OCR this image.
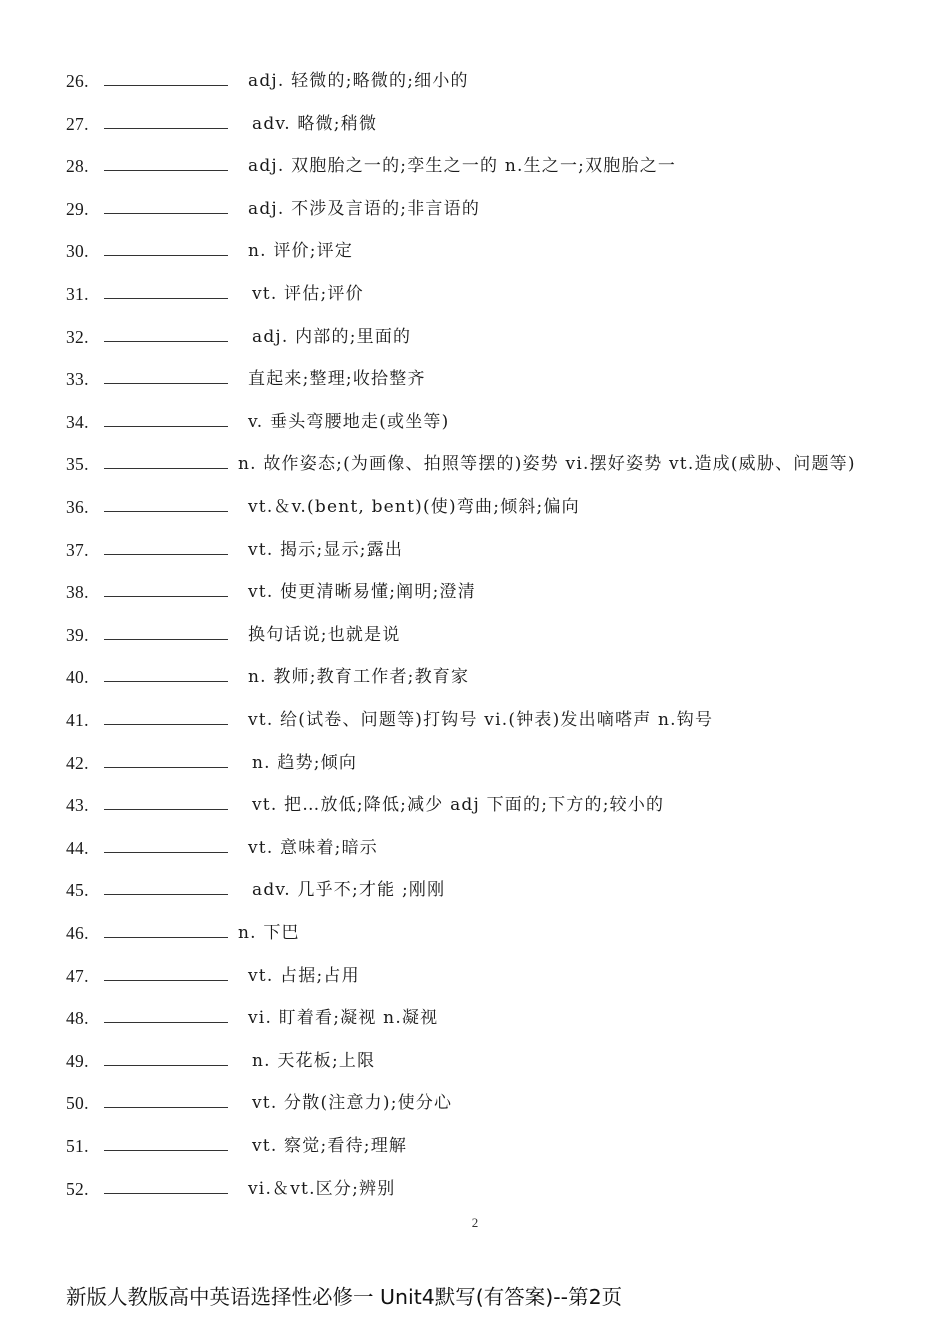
26.	adj. 轻微的;略微的;细小的
27.	adv. 略微;稍微
28.	adj. 双胞胎之一的;孪生之一的 n.生之一;双胞胎之一
29.	adj. 不涉及言语的;非言语的
30.	n. 评价;评定
31.	vt. 评估;评价
32.	adj. 内部的;里面的
33.	直起来;整理;收拾整齐
34.	v. 垂头弯腰地走(或坐等)
35.	n. 故作姿态;(为画像、拍照等摆的)姿势 vi.摆好姿势 vt.造成(威胁、问题等)
36.	vt.＆v.(bent, bent)(使)弯曲;倾斜;偏向
37.	vt. 揭示;显示;露出
38.	vt. 使更清晰易懂;阐明;澄清
39.	换句话说;也就是说
40.	n. 教师;教育工作者;教育家
41.	vt. 给(试卷、问题等)打钩号 vi.(钟表)发出嘀嗒声 n.钩号
42.	n. 趋势;倾向
43.	vt. 把…放低;降低;减少 adj 下面的;下方的;较小的
44.	vt. 意味着;暗示
45.	adv. 几乎不;才能 ;刚刚
46.	n. 下巴
47.	vt. 占据;占用
48.	vi. 盯着看;凝视 n.凝视
49.	n. 天花板;上限
50.	vt. 分散(注意力);使分心
51.	vt. 察觉;看待;理解
52.	vi.＆vt.区分;辨别
2
新版人教版高中英语选择性必修一 Unit4默写(有答案)--第2页
